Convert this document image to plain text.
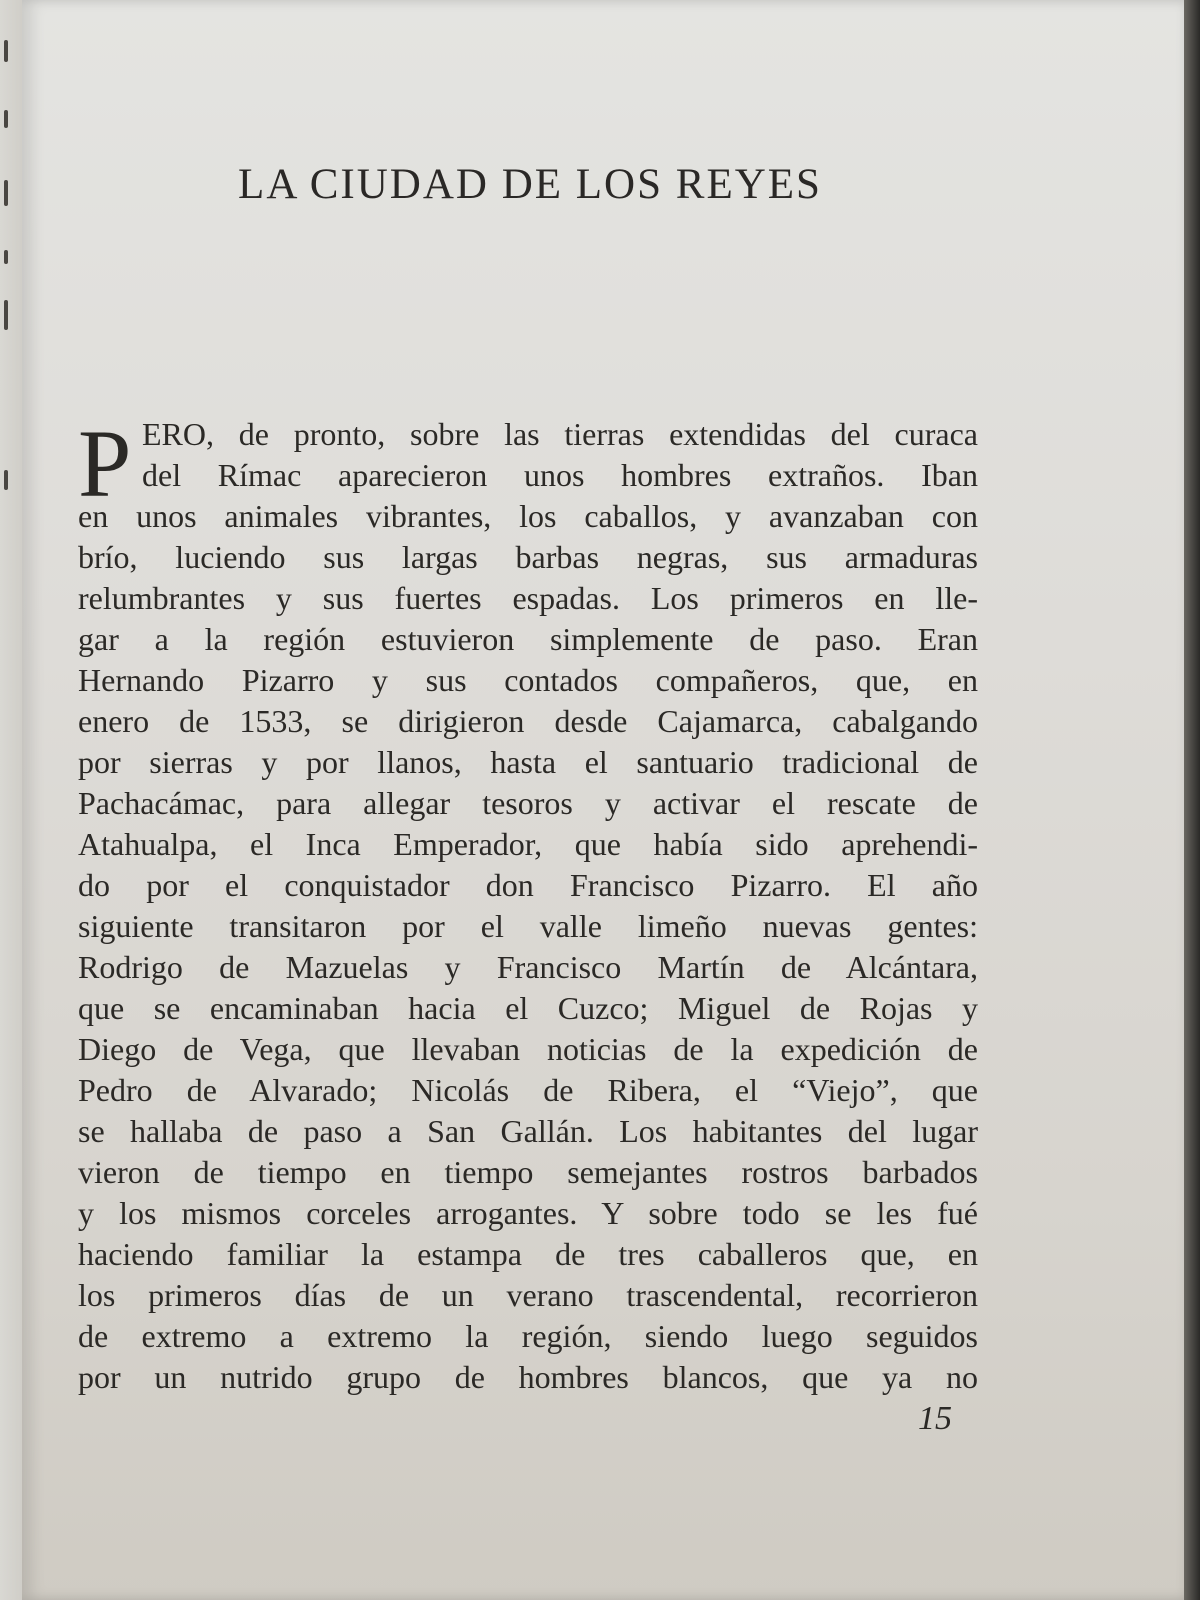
LA CIUDAD DE LOS REYES
P ERO, de pronto, sobre las tierras extendidas del curaca
del Rímac aparecieron unos hombres extraños. Iban
en unos animales vibrantes, los caballos, y avanzaban con
brío, luciendo sus largas barbas negras, sus armaduras
relumbrantes y sus fuertes espadas. Los primeros en lle-
gar a la región estuvieron simplemente de paso. Eran
Hernando Pizarro y sus contados compañeros, que, en
enero de 1533, se dirigieron desde Cajamarca, cabalgando
por sierras y por llanos, hasta el santuario tradicional de
Pachacámac, para allegar tesoros y activar el rescate de
Atahualpa, el Inca Emperador, que había sido aprehendi-
do por el conquistador don Francisco Pizarro. El año
siguiente transitaron por el valle limeño nuevas gentes:
Rodrigo de Mazuelas y Francisco Martín de Alcántara,
que se encaminaban hacia el Cuzco; Miguel de Rojas y
Diego de Vega, que llevaban noticias de la expedición de
Pedro de Alvarado; Nicolás de Ribera, el “Viejo”, que
se hallaba de paso a San Gallán. Los habitantes del lugar
vieron de tiempo en tiempo semejantes rostros barbados
y los mismos corceles arrogantes. Y sobre todo se les fué
haciendo familiar la estampa de tres caballeros que, en
los primeros días de un verano trascendental, recorrieron
de extremo a extremo la región, siendo luego seguidos
por un nutrido grupo de hombres blancos, que ya no
15
